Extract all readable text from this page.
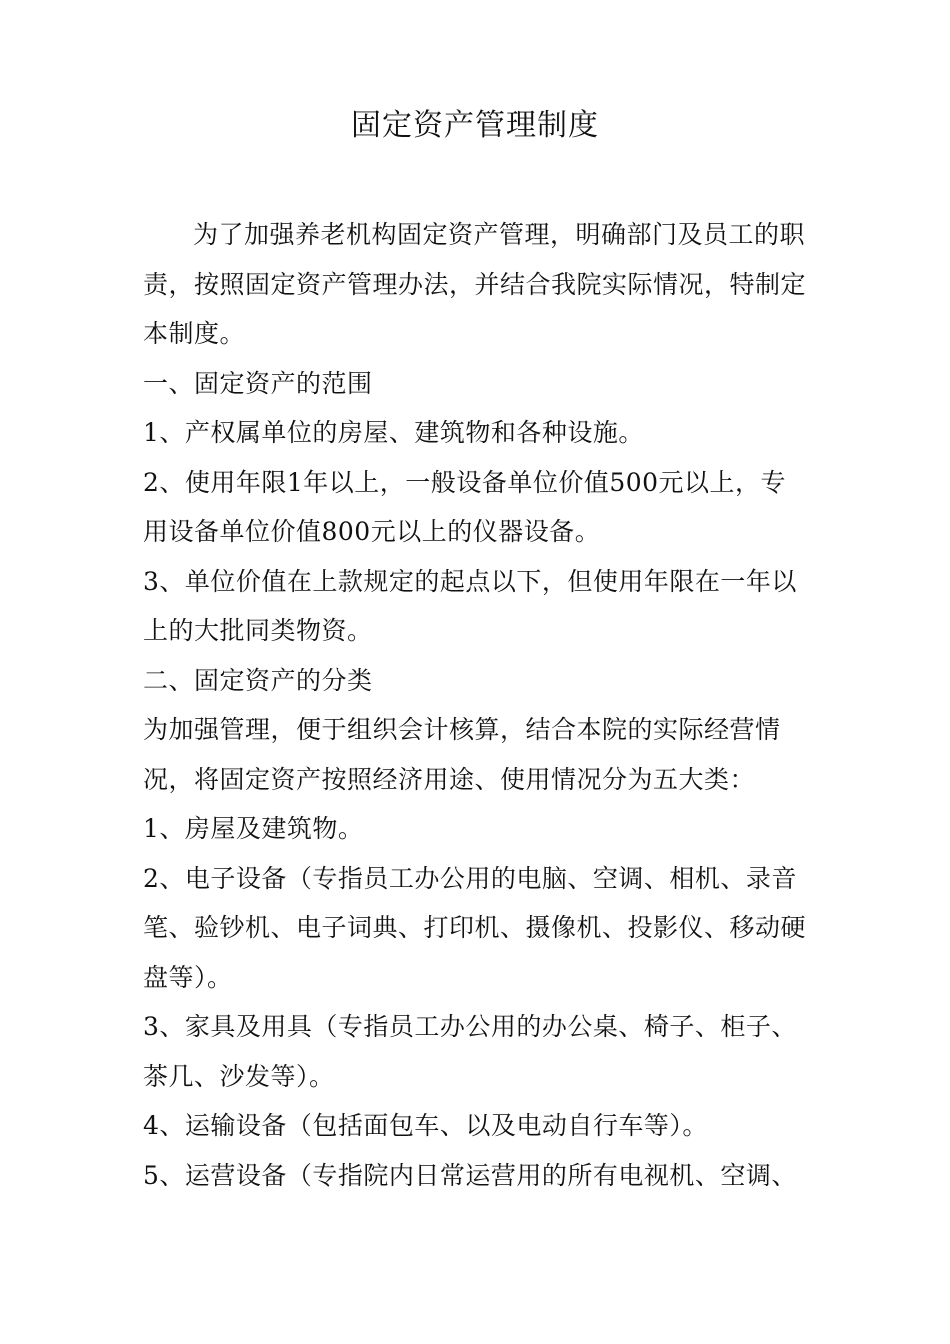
固定资产管理制度

为了加强养老机构固定资产管理，明确部门及员工的职责，按照固定资产管理办法，并结合我院实际情况，特制定本制度。

一、固定资产的范围

1、产权属单位的房屋、建筑物和各种设施。

2、使用年限1年以上，一般设备单位价值500元以上，专用设备单位价值800元以上的仪器设备。

3、单位价值在上款规定的起点以下，但使用年限在一年以上的大批同类物资。

二、固定资产的分类

为加强管理，便于组织会计核算，结合本院的实际经营情况，将固定资产按照经济用途、使用情况分为五大类：

1、房屋及建筑物。

2、电子设备（专指员工办公用的电脑、空调、相机、录音笔、验钞机、电子词典、打印机、摄像机、投影仪、移动硬盘等）。

3、家具及用具（专指员工办公用的办公桌、椅子、柜子、茶几、沙发等）。

4、运输设备（包括面包车、以及电动自行车等）。

5、运营设备（专指院内日常运营用的所有电视机、空调、
